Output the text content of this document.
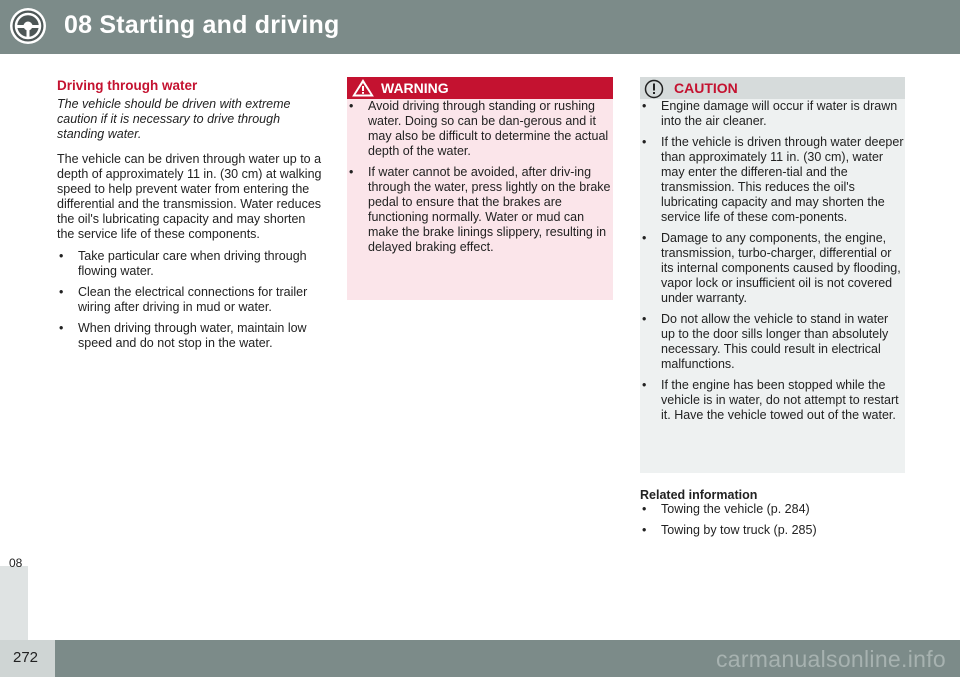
08 Starting and driving
08
272	carmanualsonline.info
Driving through water
The vehicle should be driven with extreme caution if it is necessary to drive through standing water.
The vehicle can be driven through water up to a depth of approximately 11 in. (30 cm) at walking speed to help prevent water from entering the differential and the transmission. Water reduces the oil's lubricating capacity and may shorten the service life of these components.
• Take particular care when driving through flowing water.
• Clean the electrical connections for trailer wiring after driving in mud or water.
• When driving through water, maintain low speed and do not stop in the water.
WARNING
• Avoid driving through standing or rushing water. Doing so can be dan-gerous and it may also be difficult to determine the actual depth of the water.
• If water cannot be avoided, after driv-ing through the water, press lightly on the brake pedal to ensure that the brakes are functioning normally. Water or mud can make the brake linings slippery, resulting in delayed braking effect.
CAUTION
• Engine damage will occur if water is drawn into the air cleaner.
• If the vehicle is driven through water deeper than approximately 11 in. (30 cm), water may enter the differen-tial and the transmission. This reduces the oil's lubricating capacity and may shorten the service life of these com-ponents.
• Damage to any components, the engine, transmission, turbo-charger, differential or its internal components caused by flooding, vapor lock or insufficient oil is not covered under warranty.
• Do not allow the vehicle to stand in water up to the door sills longer than absolutely necessary. This could result in electrical malfunctions.
• If the engine has been stopped while the vehicle is in water, do not attempt to restart it. Have the vehicle towed out of the water.
Related information
• Towing the vehicle (p. 284)
• Towing by tow truck (p. 285)
